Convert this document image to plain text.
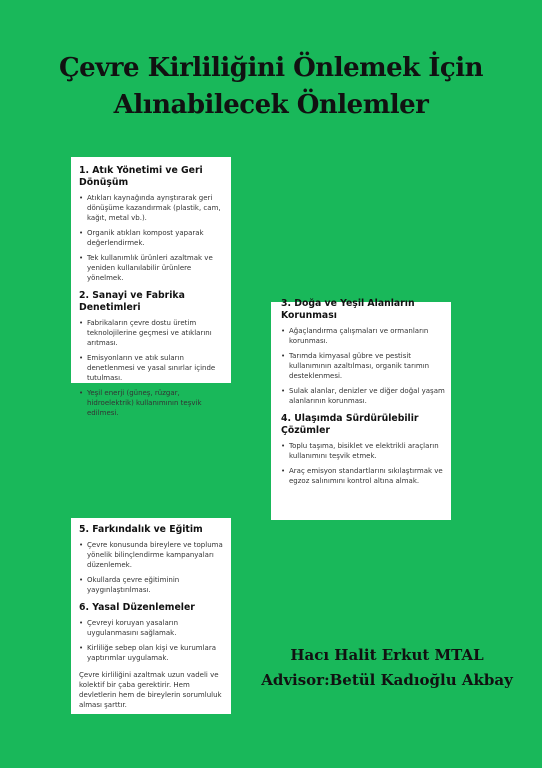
Çevre Kirliliğini Önlemek İçin
Alınabilecek Önlemler
1. Atık Yönetimi ve Geri Dönüşüm
• Atıkları kaynağında ayrıştırarak geri dönüşüme kazandırmak (plastik, cam, kağıt, metal vb.).
• Organik atıkları kompost yaparak değerlendirmek.
• Tek kullanımlık ürünleri azaltmak ve yeniden kullanılabilir ürünlere yönelmek.
2. Sanayi ve Fabrika Denetimleri
• Fabrikaların çevre dostu üretim teknolojilerine geçmesi ve atıklarını arıtması.
• Emisyonların ve atık suların denetlenmesi ve yasal sınırlar içinde tutulması.
• Yeşil enerji (güneş, rüzgar, hidroelektrik) kullanımının teşvik edilmesi.
3. Doğa ve Yeşil Alanların Korunması
• Ağaçlandırma çalışmaları ve ormanların korunması.
• Tarımda kimyasal gübre ve pestisit kullanımının azaltılması, organik tarımın desteklenmesi.
• Sulak alanlar, denizler ve diğer doğal yaşam alanlarının korunması.
4. Ulaşımda Sürdürülebilir Çözümler
• Toplu taşıma, bisiklet ve elektrikli araçların kullanımını teşvik etmek.
• Araç emisyon standartlarını sıkılaştırmak ve egzoz salınımını kontrol altına almak.
5. Farkındalık ve Eğitim
• Çevre konusunda bireylere ve topluma yönelik bilinçlendirme kampanyaları düzenlemek.
• Okullarda çevre eğitiminin yaygınlaştırılması.
6. Yasal Düzenlemeler
• Çevreyi koruyan yasaların uygulanmasını sağlamak.
• Kirliliğe sebep olan kişi ve kurumlara yaptırımlar uygulamak.

Çevre kirliliğini azaltmak uzun vadeli ve kolektif bir çaba gerektirir. Hem devletlerin hem de bireylerin sorumluluk alması şarttır.

Hacı Halit Erkut MTAL
Advisor:Betül Kadıoğlu Akbay
